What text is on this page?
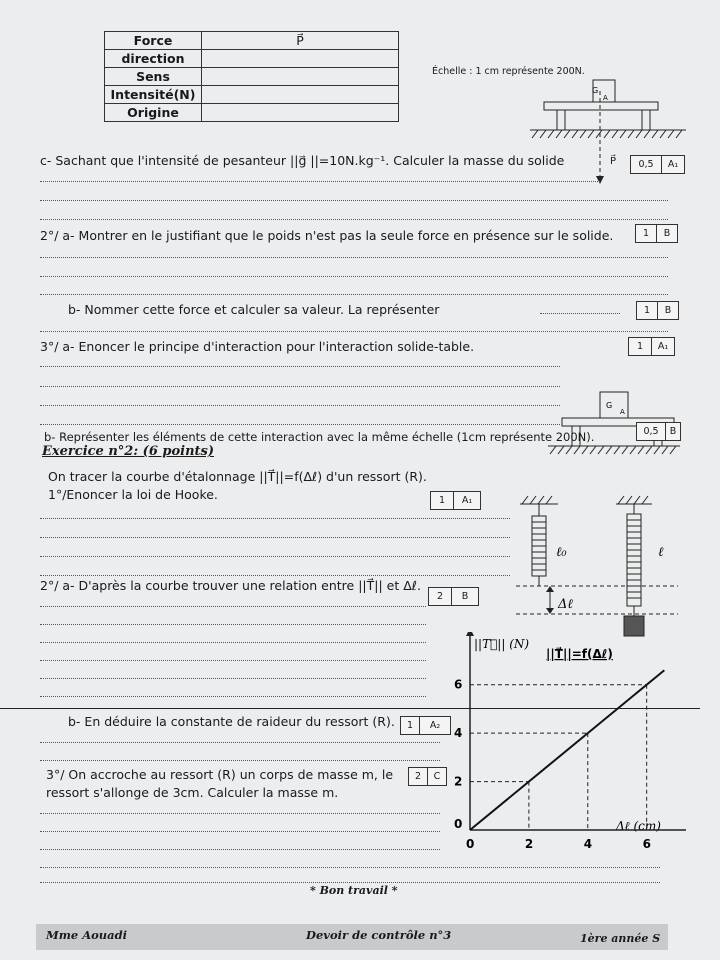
Force	P⃗
direction	
Sens	
Intensité(N)	
Origine	
Échelle : 1 cm représente 200N.
G
A
P⃗
c- Sachant que l'intensité de pesanteur ||g⃗ ||=10N.kg⁻¹. Calculer la masse du solide	0,5	A₁
2°/ a- Montrer en le justifiant que le poids n'est pas la seule force en présence sur le solide.	1	B
b- Nommer cette force et calculer sa valeur. La représenter	1	B
3°/ a- Enoncer le principe d'interaction pour l'interaction solide-table.	1	A₁
G
A
b- Représenter les éléments de cette interaction avec la même échelle (1cm représente 200N).	0,5	B
Exercice n°2: (6 points)
On tracer la courbe d'étalonnage ||T⃗||=f(Δℓ) d'un ressort (R).
1°/Enoncer la loi de Hooke.	1	A₁
ℓ₀	ℓ
Δℓ
2°/ a- D'après la courbe trouver une relation entre ||T⃗|| et Δℓ.
2	B
b- En déduire la constante de raideur du ressort (R).	1	A₂
3°/ On accroche au ressort (R) un corps de masse m, le
ressort s'allonge de 3cm. Calculer la masse m.
2	C
||T⃗||=f(Δℓ)
||T⃗|| (N)
Δℓ (cm)
0	2	4	6
0
2
4
6
* Bon travail *
Mme Aouadi	Devoir de contrôle n°3	1ère année S
